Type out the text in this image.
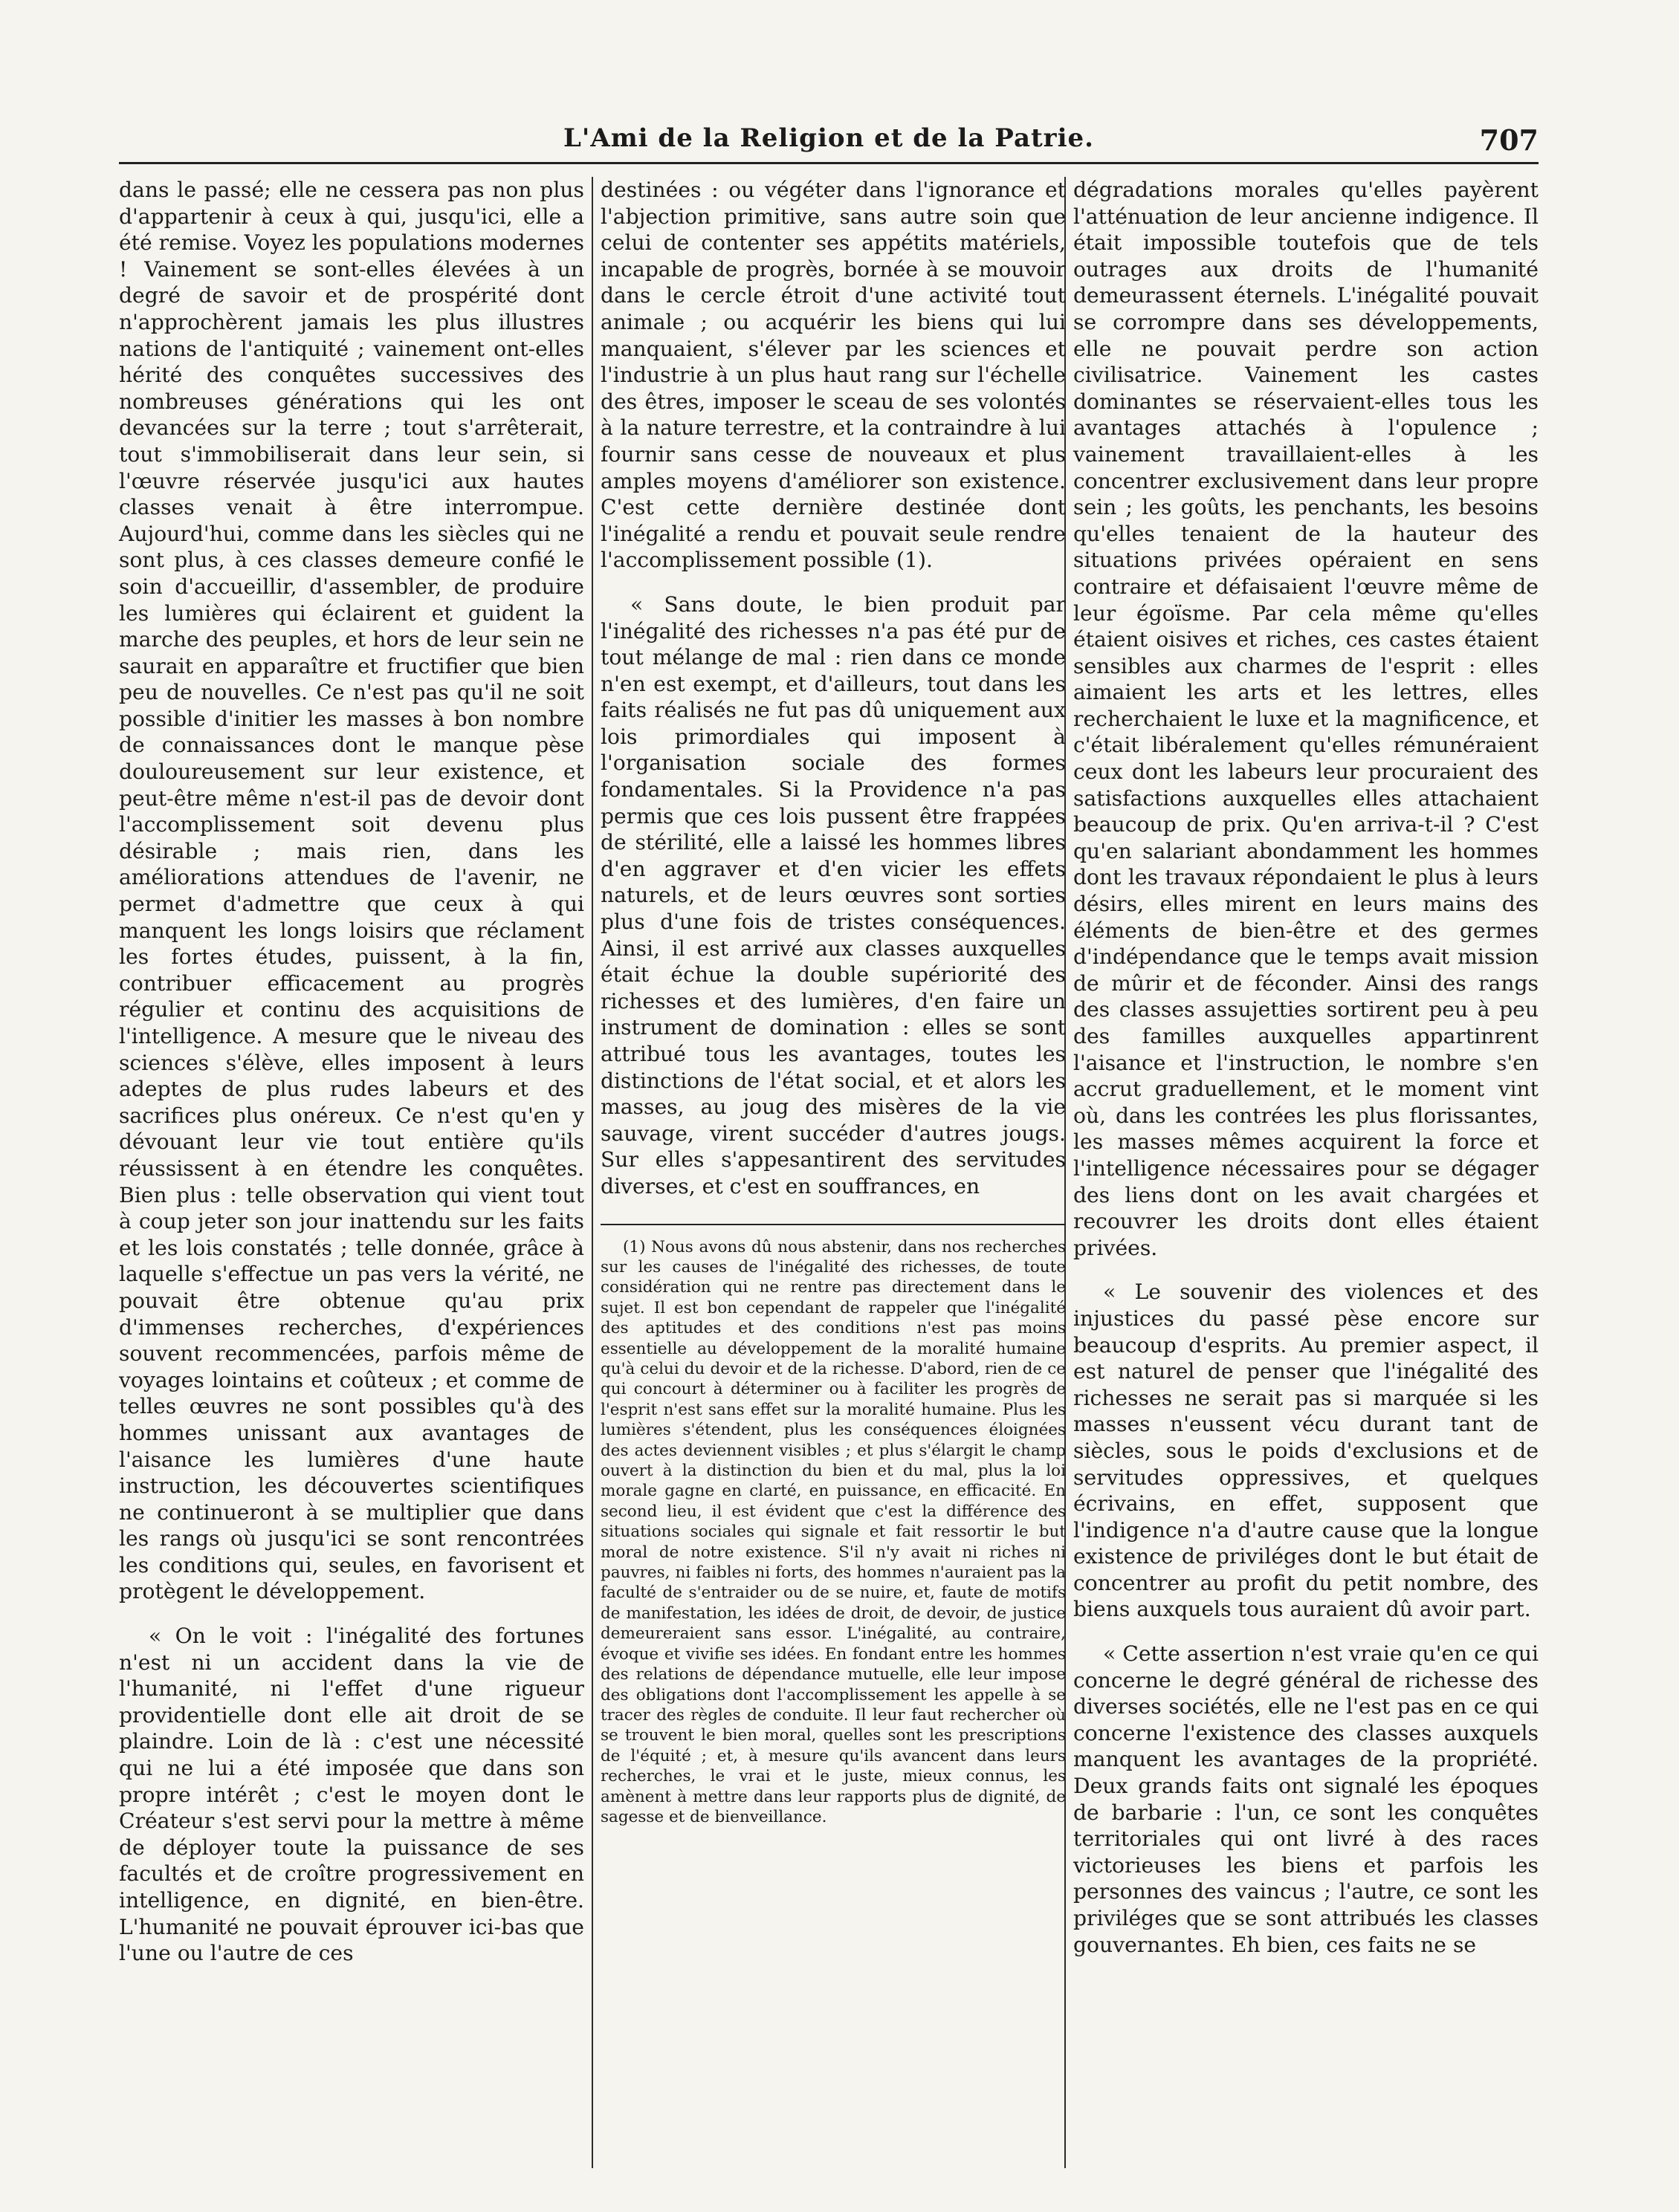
L'Ami de la Religion et de la Patrie.	707

dans le passé; elle ne cessera pas non plus d'appartenir à ceux à qui, jusqu'ici, elle a été remise. Voyez les populations modernes ! Vainement se sont-elles élevées à un degré de savoir et de prospérité dont n'approchèrent jamais les plus illustres nations de l'antiquité ; vainement ont-elles hérité des conquêtes successives des nombreuses générations qui les ont devancées sur la terre ; tout s'arrêterait, tout s'immobiliserait dans leur sein, si l'œuvre réservée jusqu'ici aux hautes classes venait à être interrompue. Aujourd'hui, comme dans les siècles qui ne sont plus, à ces classes demeure confié le soin d'accueillir, d'assembler, de produire les lumières qui éclairent et guident la marche des peuples, et hors de leur sein ne saurait en apparaître et fructifier que bien peu de nouvelles. Ce n'est pas qu'il ne soit possible d'initier les masses à bon nombre de connaissances dont le manque pèse douloureusement sur leur existence, et peut-être même n'est-il pas de devoir dont l'accomplissement soit devenu plus désirable ; mais rien, dans les améliorations attendues de l'avenir, ne permet d'admettre que ceux à qui manquent les longs loisirs que réclament les fortes études, puissent, à la fin, contribuer efficacement au progrès régulier et continu des acquisitions de l'intelligence. A mesure que le niveau des sciences s'élève, elles imposent à leurs adeptes de plus rudes labeurs et des sacrifices plus onéreux. Ce n'est qu'en y dévouant leur vie tout entière qu'ils réussissent à en étendre les conquêtes. Bien plus : telle observation qui vient tout à coup jeter son jour inattendu sur les faits et les lois constatés ; telle donnée, grâce à laquelle s'effectue un pas vers la vérité, ne pouvait être obtenue qu'au prix d'immenses recherches, d'expériences souvent recommencées, parfois même de voyages lointains et coûteux ; et comme de telles œuvres ne sont possibles qu'à des hommes unissant aux avantages de l'aisance les lumières d'une haute instruction, les découvertes scientifiques ne continueront à se multiplier que dans les rangs où jusqu'ici se sont rencontrées les conditions qui, seules, en favorisent et protègent le développement.

« On le voit : l'inégalité des fortunes n'est ni un accident dans la vie de l'humanité, ni l'effet d'une rigueur providentielle dont elle ait droit de se plaindre. Loin de là : c'est une nécessité qui ne lui a été imposée que dans son propre intérêt ; c'est le moyen dont le Créateur s'est servi pour la mettre à même de déployer toute la puissance de ses facultés et de croître progressivement en intelligence, en dignité, en bien-être. L'humanité ne pouvait éprouver ici-bas que l'une ou l'autre de ces

destinées : ou végéter dans l'ignorance et l'abjection primitive, sans autre soin que celui de contenter ses appétits matériels, incapable de progrès, bornée à se mouvoir dans le cercle étroit d'une activité tout animale ; ou acquérir les biens qui lui manquaient, s'élever par les sciences et l'industrie à un plus haut rang sur l'échelle des êtres, imposer le sceau de ses volontés à la nature terrestre, et la contraindre à lui fournir sans cesse de nouveaux et plus amples moyens d'améliorer son existence. C'est cette dernière destinée dont l'inégalité a rendu et pouvait seule rendre l'accomplissement possible (1).

« Sans doute, le bien produit par l'inégalité des richesses n'a pas été pur de tout mélange de mal : rien dans ce monde n'en est exempt, et d'ailleurs, tout dans les faits réalisés ne fut pas dû uniquement aux lois primordiales qui imposent à l'organisation sociale des formes fondamentales. Si la Providence n'a pas permis que ces lois pussent être frappées de stérilité, elle a laissé les hommes libres d'en aggraver et d'en vicier les effets naturels, et de leurs œuvres sont sorties plus d'une fois de tristes conséquences. Ainsi, il est arrivé aux classes auxquelles était échue la double supériorité des richesses et des lumières, d'en faire un instrument de domination : elles se sont attribué tous les avantages, toutes les distinctions de l'état social, et et alors les masses, au joug des misères de la vie sauvage, virent succéder d'autres jougs. Sur elles s'appesantirent des servitudes diverses, et c'est en souffrances, en

(1) Nous avons dû nous abstenir, dans nos recherches sur les causes de l'inégalité des richesses, de toute considération qui ne rentre pas directement dans le sujet. Il est bon cependant de rappeler que l'inégalité des aptitudes et des conditions n'est pas moins essentielle au développement de la moralité humaine qu'à celui du devoir et de la richesse. D'abord, rien de ce qui concourt à déterminer ou à faciliter les progrès de l'esprit n'est sans effet sur la moralité humaine. Plus les lumières s'étendent, plus les conséquences éloignées des actes deviennent visibles ; et plus s'élargit le champ ouvert à la distinction du bien et du mal, plus la loi morale gagne en clarté, en puissance, en efficacité. En second lieu, il est évident que c'est la différence des situations sociales qui signale et fait ressortir le but moral de notre existence. S'il n'y avait ni riches ni pauvres, ni faibles ni forts, des hommes n'auraient pas la faculté de s'entraider ou de se nuire, et, faute de motifs de manifestation, les idées de droit, de devoir, de justice demeureraient sans essor. L'inégalité, au contraire, évoque et vivifie ses idées. En fondant entre les hommes des relations de dépendance mutuelle, elle leur impose des obligations dont l'accomplissement les appelle à se tracer des règles de conduite. Il leur faut rechercher où se trouvent le bien moral, quelles sont les prescriptions de l'équité ; et, à mesure qu'ils avancent dans leurs recherches, le vrai et le juste, mieux connus, les amènent à mettre dans leur rapports plus de dignité, de sagesse et de bienveillance.

dégradations morales qu'elles payèrent l'atténuation de leur ancienne indigence. Il était impossible toutefois que de tels outrages aux droits de l'humanité demeurassent éternels. L'inégalité pouvait se corrompre dans ses développements, elle ne pouvait perdre son action civilisatrice. Vainement les castes dominantes se réservaient-elles tous les avantages attachés à l'opulence ; vainement travaillaient-elles à les concentrer exclusivement dans leur propre sein ; les goûts, les penchants, les besoins qu'elles tenaient de la hauteur des situations privées opéraient en sens contraire et défaisaient l'œuvre même de leur égoïsme. Par cela même qu'elles étaient oisives et riches, ces castes étaient sensibles aux charmes de l'esprit : elles aimaient les arts et les lettres, elles recherchaient le luxe et la magnificence, et c'était libéralement qu'elles rémunéraient ceux dont les labeurs leur procuraient des satisfactions auxquelles elles attachaient beaucoup de prix. Qu'en arriva-t-il ? C'est qu'en salariant abondamment les hommes dont les travaux répondaient le plus à leurs désirs, elles mirent en leurs mains des éléments de bien-être et des germes d'indépendance que le temps avait mission de mûrir et de féconder. Ainsi des rangs des classes assujetties sortirent peu à peu des familles auxquelles appartinrent l'aisance et l'instruction, le nombre s'en accrut graduellement, et le moment vint où, dans les contrées les plus florissantes, les masses mêmes acquirent la force et l'intelligence nécessaires pour se dégager des liens dont on les avait chargées et recouvrer les droits dont elles étaient privées.

« Le souvenir des violences et des injustices du passé pèse encore sur beaucoup d'esprits. Au premier aspect, il est naturel de penser que l'inégalité des richesses ne serait pas si marquée si les masses n'eussent vécu durant tant de siècles, sous le poids d'exclusions et de servitudes oppressives, et quelques écrivains, en effet, supposent que l'indigence n'a d'autre cause que la longue existence de priviléges dont le but était de concentrer au profit du petit nombre, des biens auxquels tous auraient dû avoir part.

« Cette assertion n'est vraie qu'en ce qui concerne le degré général de richesse des diverses sociétés, elle ne l'est pas en ce qui concerne l'existence des classes auxquels manquent les avantages de la propriété. Deux grands faits ont signalé les époques de barbarie : l'un, ce sont les conquêtes territoriales qui ont livré à des races victorieuses les biens et parfois les personnes des vaincus ; l'autre, ce sont les priviléges que se sont attribués les classes gouvernantes. Eh bien, ces faits ne se
